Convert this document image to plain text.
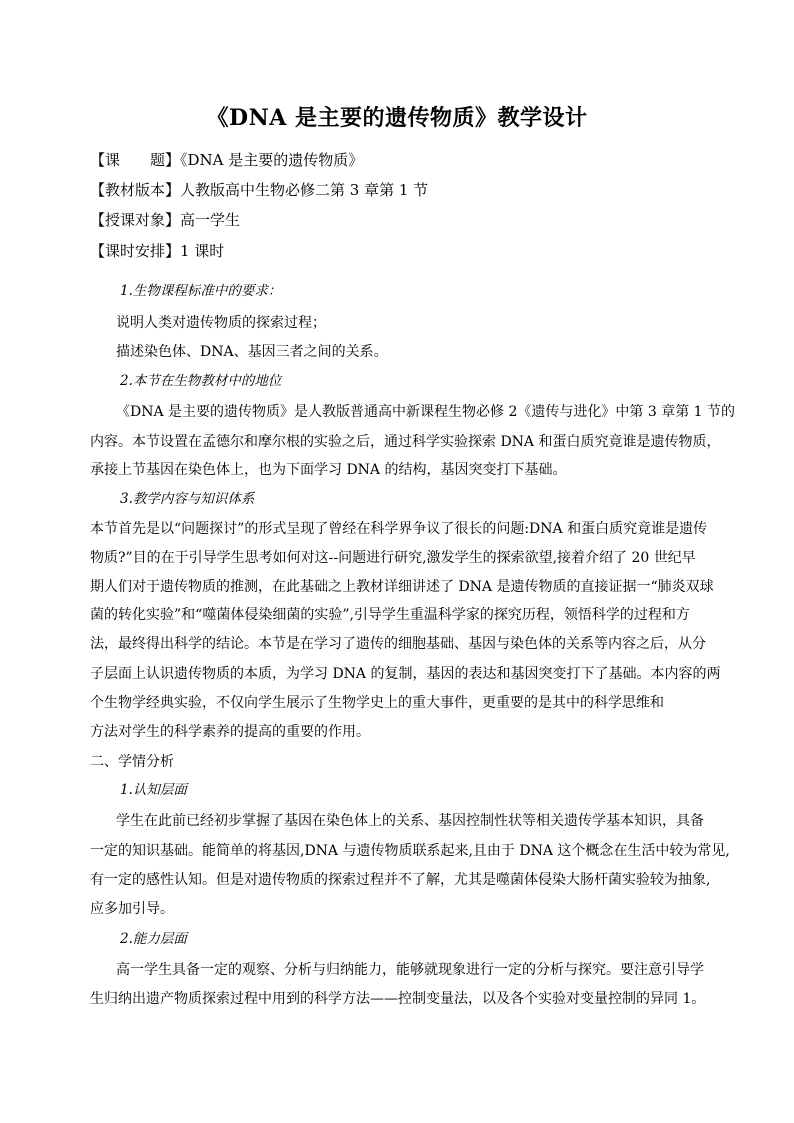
《DNA 是主要的遗传物质》教学设计
【课　　题】《DNA 是主要的遗传物质》
【教材版本】人教版高中生物必修二第 3 章第 1 节
【授课对象】高一学生
【课时安排】1 课时
1.生物课程标准中的要求：
说明人类对遗传物质的探索过程；
描述染色体、DNA、基因三者之间的关系。
2.本节在生物教材中的地位
《DNA 是主要的遗传物质》是人教版普通高中新课程生物必修 2《遗传与进化》中第 3 章第 1 节的
内容。本节设置在孟德尔和摩尔根的实验之后，通过科学实验探索 DNA 和蛋白质究竟谁是遗传物质，
承接上节基因在染色体上，也为下面学习 DNA 的结构，基因突变打下基础。
3.教学内容与知识体系
本节首先是以“问题探讨”的形式呈现了曾经在科学界争议了很长的问题:DNA 和蛋白质究竟谁是遗传
物质?”目的在于引导学生思考如何对这--问题进行研究,激发学生的探索欲望,接着介绍了 20 世纪早
期人们对于遗传物质的推测，在此基础之上教材详细讲述了 DNA 是遗传物质的直接证据一“肺炎双球
菌的转化实验”和“噬菌体侵染细菌的实验”,引导学生重温科学家的探究历程，领悟科学的过程和方
法，最终得出科学的结论。本节是在学习了遗传的细胞基础、基因与染色体的关系等内容之后，从分
子层面上认识遗传物质的本质，为学习 DNA 的复制，基因的表达和基因突变打下了基础。本内容的两
个生物学经典实验，不仅向学生展示了生物学史上的重大事件，更重要的是其中的科学思维和
方法对学生的科学素养的提高的重要的作用。
二、学情分析
1.认知层面
学生在此前已经初步掌握了基因在染色体上的关系、基因控制性状等相关遗传学基本知识，具备
一定的知识基础。能简单的将基因,DNA 与遗传物质联系起来,且由于 DNA 这个概念在生活中较为常见,
有一定的感性认知。但是对遗传物质的探索过程并不了解，尤其是噬菌体侵染大肠杆菌实验较为抽象,
应多加引导。
2.能力层面
高一学生具备一定的观察、分析与归纳能力，能够就现象进行一定的分析与探究。要注意引导学
生归纳出遗产物质探索过程中用到的科学方法——控制变量法，以及各个实验对变量控制的异同 1。
